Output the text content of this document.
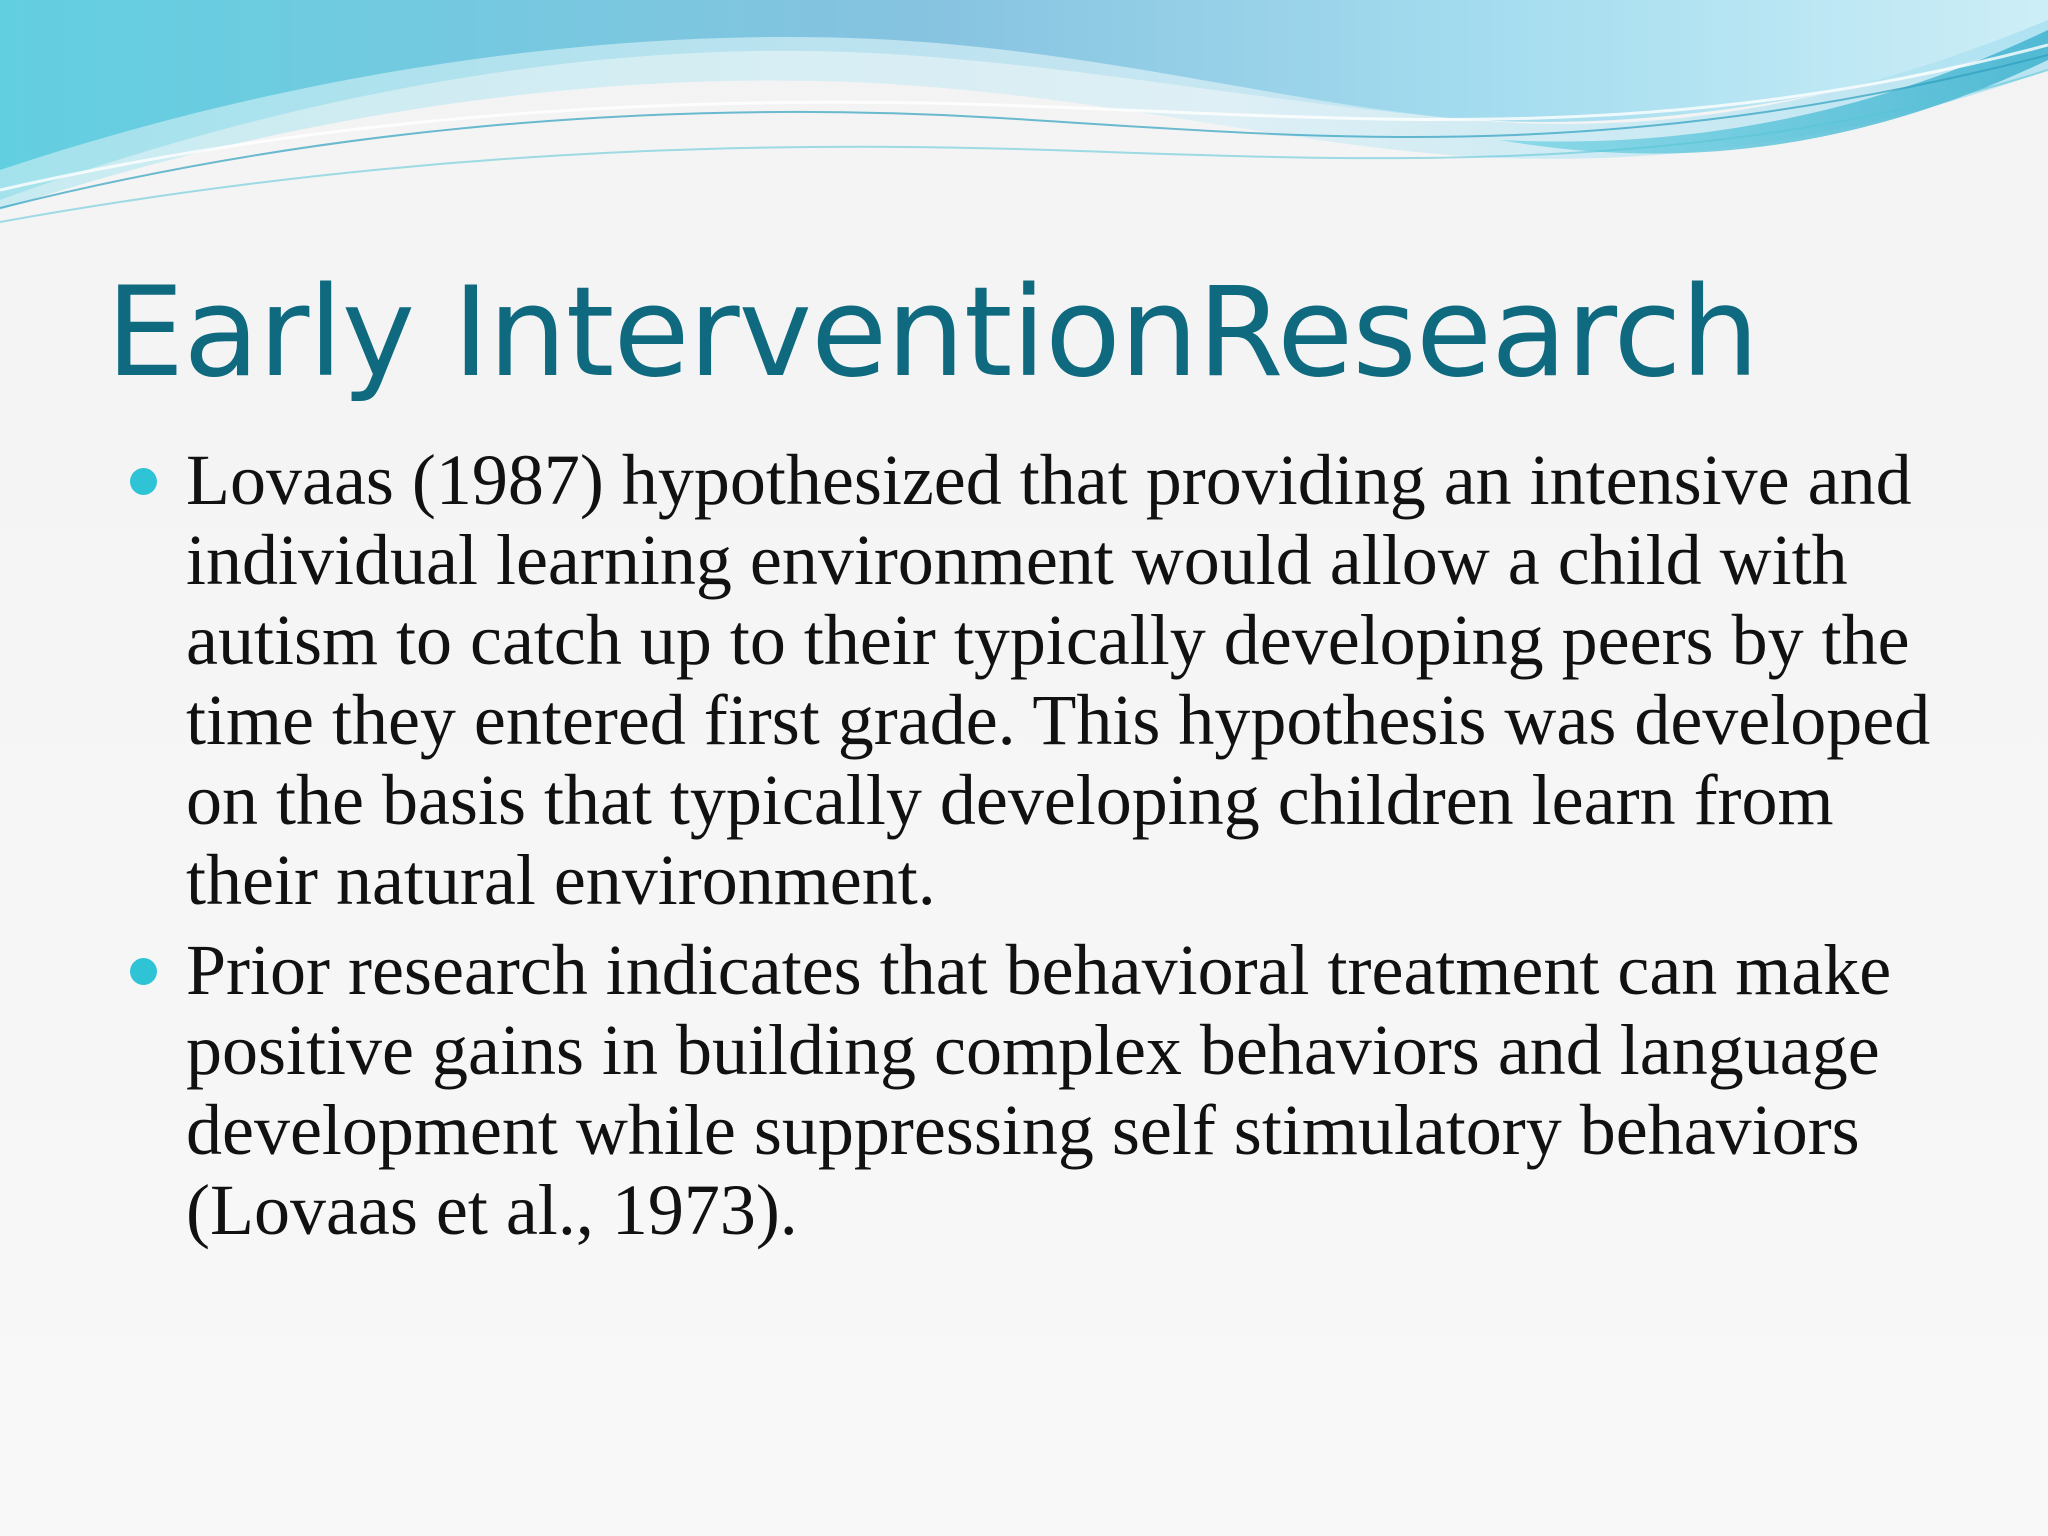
Early InterventionResearch
Lovaas (1987) hypothesized that providing an intensive and individual learning environment would allow a child with autism to catch up to their typically developing peers by the time they entered first grade. This hypothesis was developed on the basis that typically developing children learn from their natural environment.
Prior research indicates that behavioral treatment can make positive gains in building complex behaviors and language development while suppressing self stimulatory behaviors (Lovaas et al., 1973).
